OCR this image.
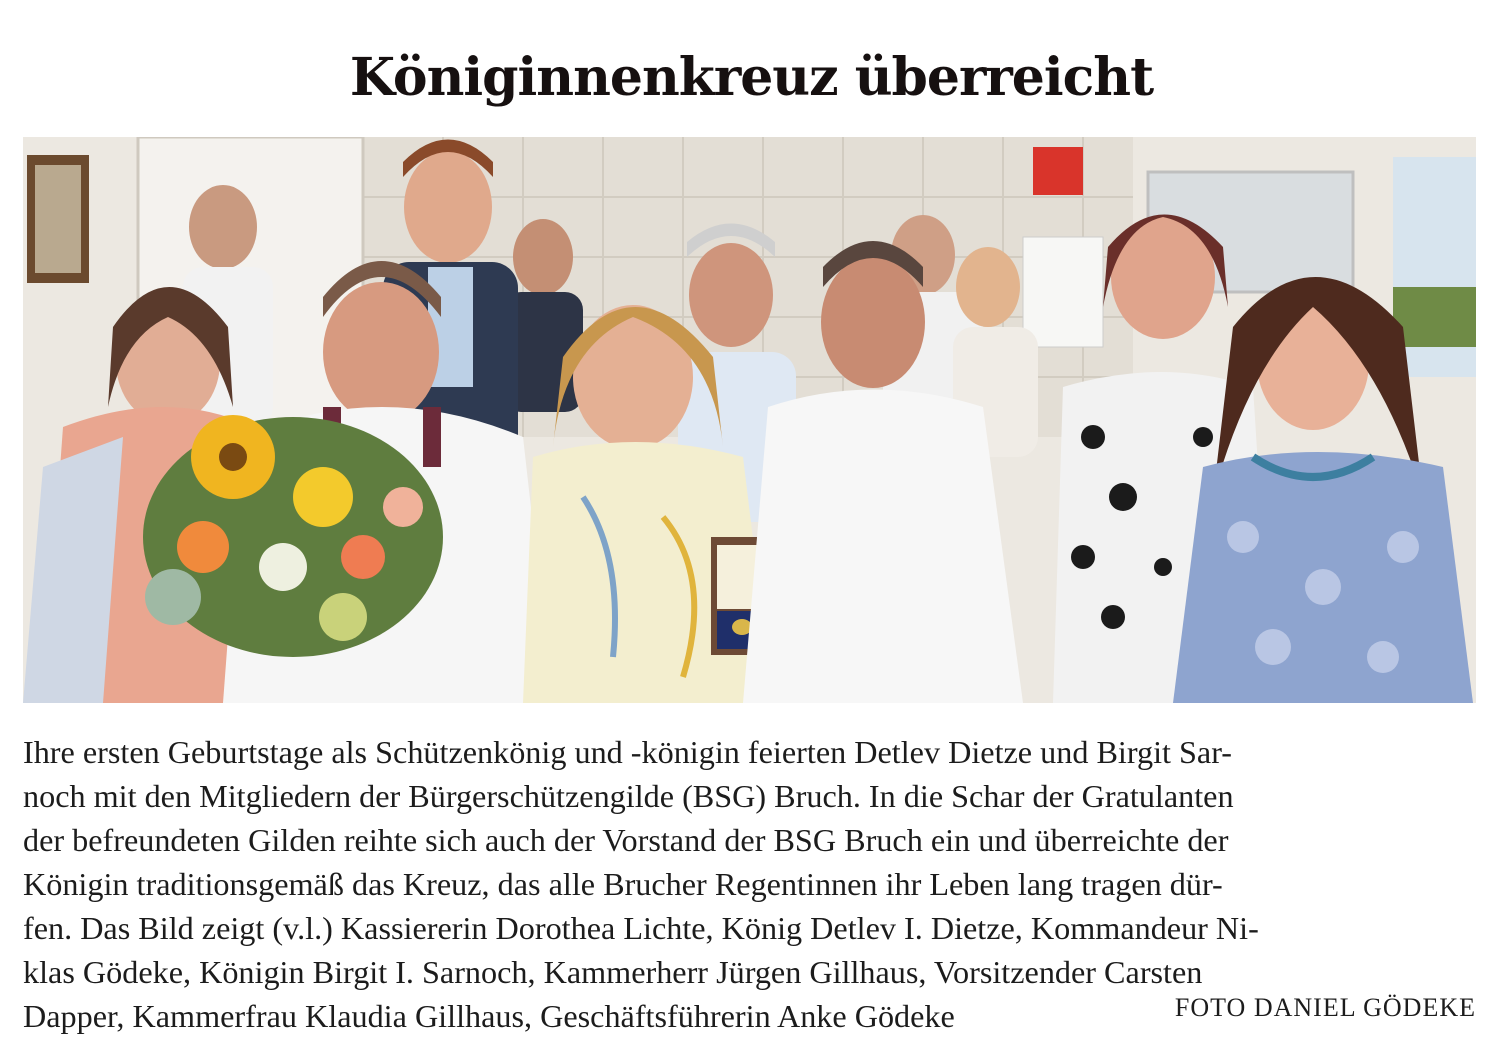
Königinnenkreuz überreicht
Ihre ersten Geburtstage als Schützenkönig und -königin feierten Detlev Dietze und Birgit Sar-
noch mit den Mitgliedern der Bürgerschützengilde (BSG) Bruch. In die Schar der Gratulanten
der befreundeten Gilden reihte sich auch der Vorstand der BSG Bruch ein und überreichte der
Königin traditionsgemäß das Kreuz, das alle Brucher Regentinnen ihr Leben lang tragen dür-
fen. Das Bild zeigt (v.l.) Kassiererin Dorothea Lichte, König Detlev I. Dietze, Kommandeur Ni-
klas Gödeke, Königin Birgit I. Sarnoch, Kammerherr Jürgen Gillhaus, Vorsitzender Carsten
Dapper, Kammerfrau Klaudia Gillhaus, Geschäftsführerin Anke Gödeke	FOTO DANIEL GÖDEKE
